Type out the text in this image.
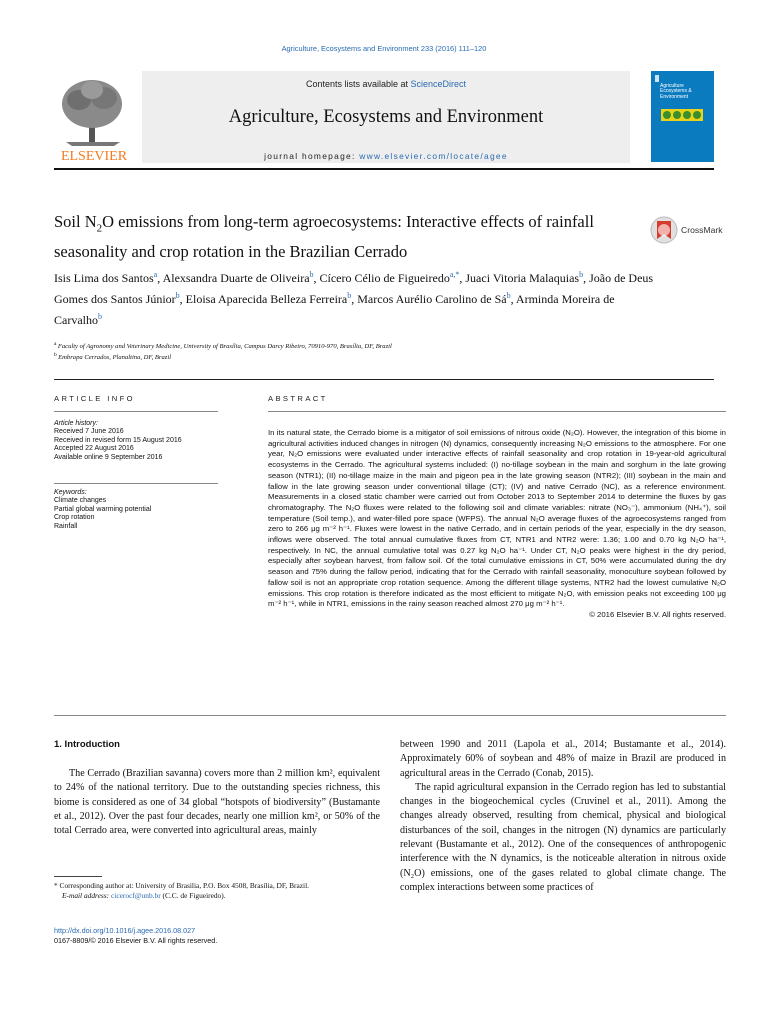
Agriculture, Ecosystems and Environment 233 (2016) 111–120
ELSEVIER
Contents lists available at ScienceDirect
Agriculture, Ecosystems and Environment
journal homepage: www.elsevier.com/locate/agee
Agriculture Ecosystems & Environment
Soil $N_2O$ emissions from long-term agroecosystems: Interactive effects of rainfall seasonality and crop rotation in the Brazilian Cerrado
CrossMark
Isis Lima dos Santos$^a$, Alexsandra Duarte de Oliveira$^b$, Cícero Célio de Figueiredo$^{a,*}$, Juaci Vitoria Malaquias$^b$, João de Deus Gomes dos Santos Júnior$^b$, Eloisa Aparecida Belleza Ferreira$^b$, Marcos Aurélio Carolino de $Sá^b$, Arminda Moreira de Carvalho$^b$
$^a$ Faculty of Agronomy and Veterinary Medicine, University of Brasília, Campus Darcy Ribeiro, 70910-970, Brasília, DF, Brazil
$^b$ Embrapa Cerrados, Planaltina, DF, Brazil
ARTICLE INFO	ABSTRACT
Article history:
Received 7 June 2016
Received in revised form 15 August 2016
Accepted 22 August 2016
Available online 9 September 2016
Keywords:
Climate changes
Partial global warming potential
Crop rotation
Rainfall
In its natural state, the Cerrado biome is a mitigator of soil emissions of nitrous oxide (N₂O). However, the integration of this biome in agricultural activities induced changes in nitrogen (N) dynamics, consequently increasing N₂O emissions to the atmosphere. For one year, N₂O emissions were evaluated under interactive effects of rainfall seasonality and crop rotation in 19-year-old agricultural ecosystems in the Cerrado. The agricultural systems included: (I) no-tillage soybean in the main and sorghum in the late growing season (NTR1); (II) no-tillage maize in the main and pigeon pea in the late growing season (NTR2); (III) soybean in the main and fallow in the late growing season under conventional tillage (CT); (IV) and native Cerrado (NC), as a reference environment. Measurements in a closed static chamber were carried out from October 2013 to September 2014 to determine the fluxes by gas chromatography. The N₂O fluxes were related to the following soil and climate variables: nitrate (NO₃⁻), ammonium (NH₄⁺), soil temperature (Soil temp.), and water-filled pore space (WFPS). The annual N₂O average fluxes of the agroecosystems ranged from zero to 266 μg m⁻² h⁻¹. Fluxes were lowest in the native Cerrado, and in certain periods of the year, especially in the dry season, inflows were observed. The total annual cumulative fluxes from CT, NTR1 and NTR2 were: 1.36; 1.00 and 0.70 kg N₂O ha⁻¹, respectively. In NC, the annual cumulative total was 0.27 kg N₂O ha⁻¹. Under CT, N₂O peaks were highest in the dry period, especially after soybean harvest, from fallow soil. Of the total cumulative emissions in CT, 50% were accumulated during the dry season and 75% during the fallow period, indicating that for the Cerrado with rainfall seasonality, monoculture soybean followed by fallow soil is not an appropriate crop rotation sequence. Among the different tillage systems, NTR2 had the lowest cumulative N₂O emissions. This crop rotation is therefore indicated as the most efficient to mitigate N₂O, with emission peaks not exceeding 100 μg m⁻² h⁻¹, while in NTR1, emissions in the rainy season reached almost 270 μg m⁻² h⁻¹.
© 2016 Elsevier B.V. All rights reserved.
1. Introduction

The Cerrado (Brazilian savanna) covers more than 2 million km², equivalent to 24% of the national territory. Due to the outstanding species richness, this biome is considered as one of 34 global “hotspots of biodiversity” (Bustamante et al., 2012). Over the past four decades, nearly one million km², or 50% of the total Cerrado area, were converted into agricultural areas, mainly

between 1990 and 2011 (Lapola et al., 2014; Bustamante et al., 2014). Approximately 60% of soybean and 48% of maize in Brazil are produced in agricultural areas in the Cerrado (Conab, 2015).

The rapid agricultural expansion in the Cerrado region has led to substantial changes in the biogeochemical cycles (Cruvinel et al., 2011). Among the changes already observed, resulting from chemical, physical and biological disturbances of the soil, changes in the nitrogen (N) dynamics are particularly relevant (Bustamante et al., 2012). One of the consequences of anthropogenic interference with the N dynamics, is the noticeable alteration in nitrous oxide (N₂O) emissions, one of the gases related to global climate change. The complex interactions between some practices of

* Corresponding author at: University of Brasilia, P.O. Box 4508, Brasília, DF, Brazil.
E-mail address: cicerocf@unb.br (C.C. de Figueiredo).
http://dx.doi.org/10.1016/j.agee.2016.08.027
0167-8809/© 2016 Elsevier B.V. All rights reserved.
